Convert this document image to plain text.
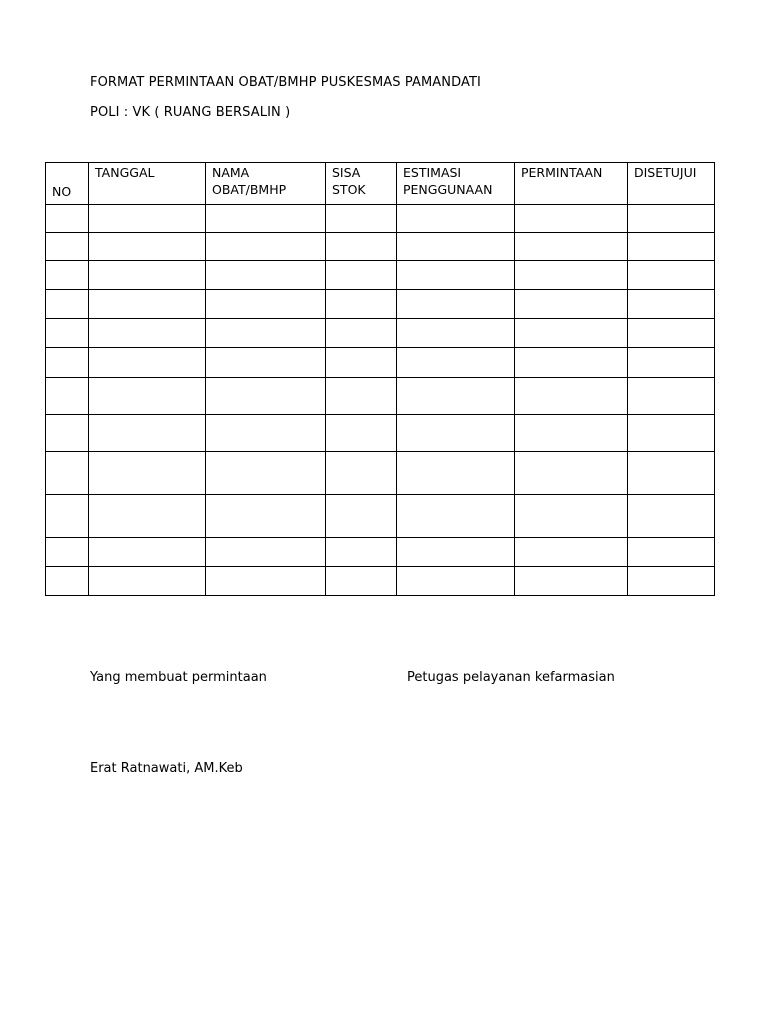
FORMAT PERMINTAAN OBAT/BMHP PUSKESMAS PAMANDATI
POLI : VK ( RUANG BERSALIN )
NO	TANGGAL	NAMA OBAT/BMHP	SISA STOK	ESTIMASI PENGGUNAAN	PERMINTAAN	DISETUJUI

Yang membuat permintaan	Petugas pelayanan kefarmasian
Erat Ratnawati, AM.Keb
